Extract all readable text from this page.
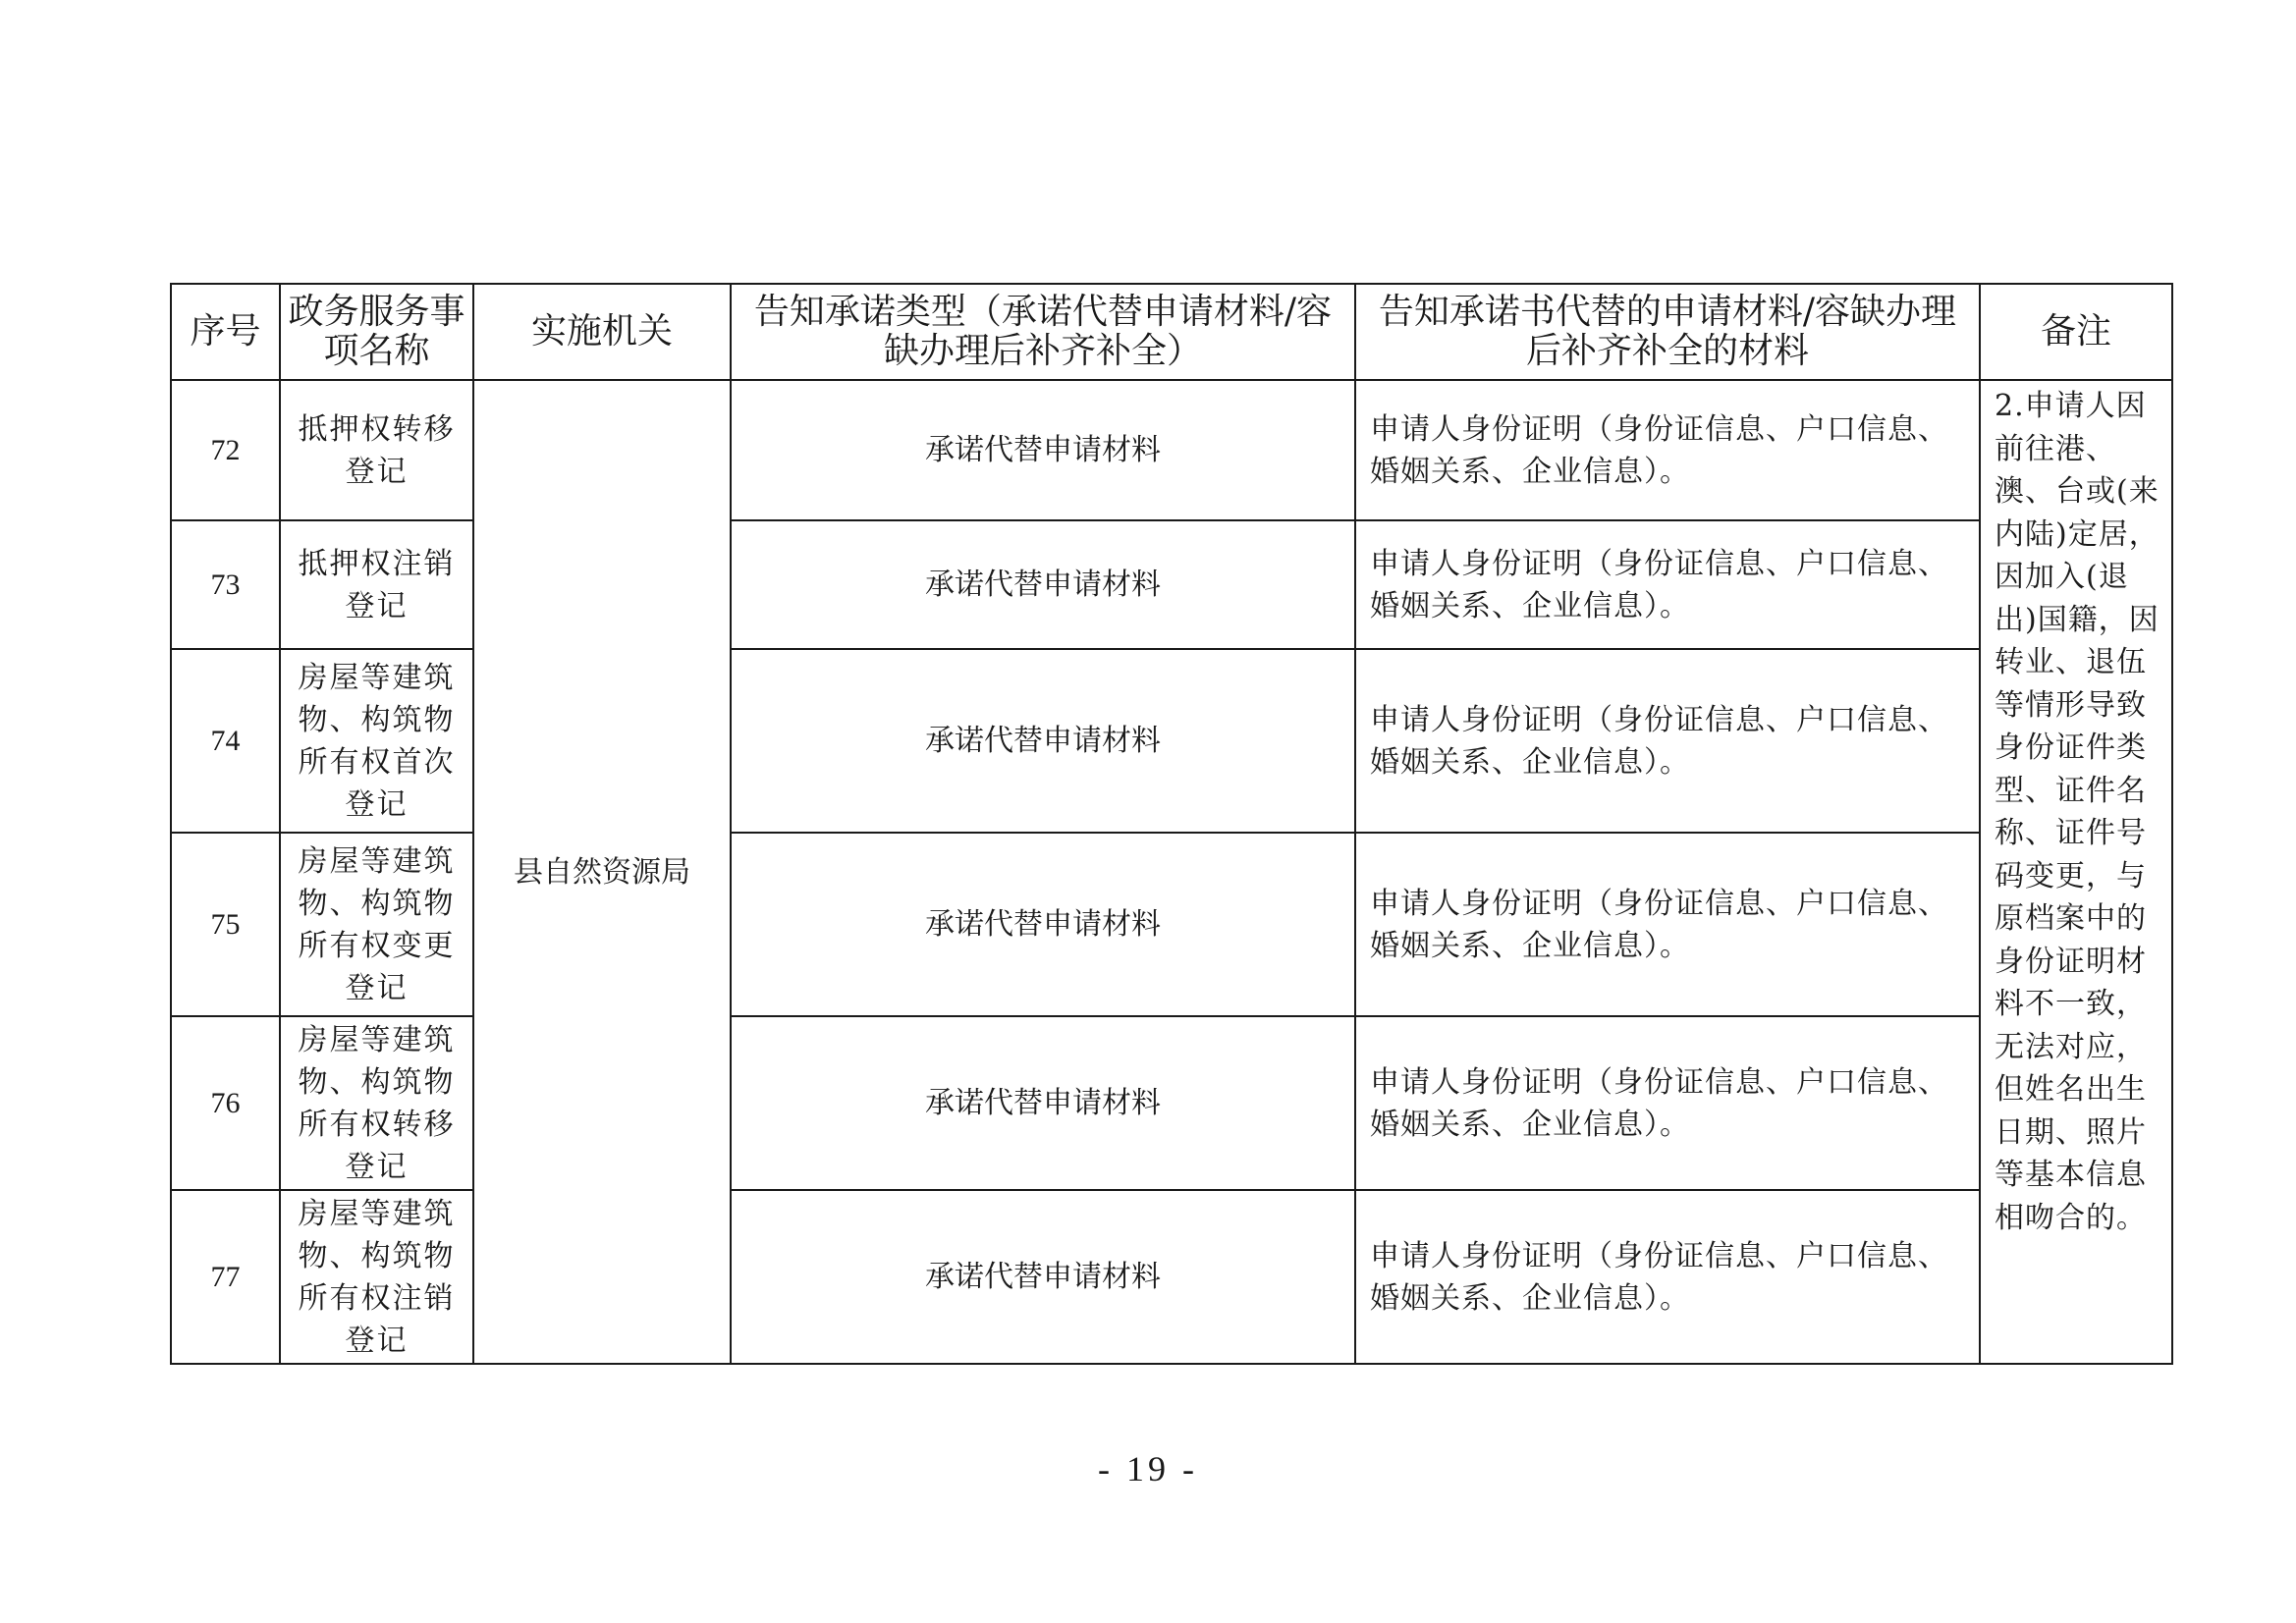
序号	政务服务事项名称	实施机关	告知承诺类型（承诺代替申请材料/容缺办理后补齐补全）	告知承诺书代替的申请材料/容缺办理后补齐补全的材料	备注

72	抵押权转移登记	县自然资源局	承诺代替申请材料	申请人身份证明（身份证信息、户口信息、婚姻关系、企业信息）。	2.申请人因前往港、澳、台或(来内陆)定居，因加入(退出)国籍，因转业、退伍等情形导致身份证件类型、证件名称、证件号码变更，与原档案中的身份证明材料不一致，无法对应，但姓名出生日期、照片等基本信息相吻合的。
73	抵押权注销登记		承诺代替申请材料	申请人身份证明（身份证信息、户口信息、婚姻关系、企业信息）。	
74	房屋等建筑物、构筑物所有权首次登记		承诺代替申请材料	申请人身份证明（身份证信息、户口信息、婚姻关系、企业信息）。	
75	房屋等建筑物、构筑物所有权变更登记		承诺代替申请材料	申请人身份证明（身份证信息、户口信息、婚姻关系、企业信息）。	
76	房屋等建筑物、构筑物所有权转移登记		承诺代替申请材料	申请人身份证明（身份证信息、户口信息、婚姻关系、企业信息）。	
77	房屋等建筑物、构筑物所有权注销登记		承诺代替申请材料	申请人身份证明（身份证信息、户口信息、婚姻关系、企业信息）。	
- 19 -
